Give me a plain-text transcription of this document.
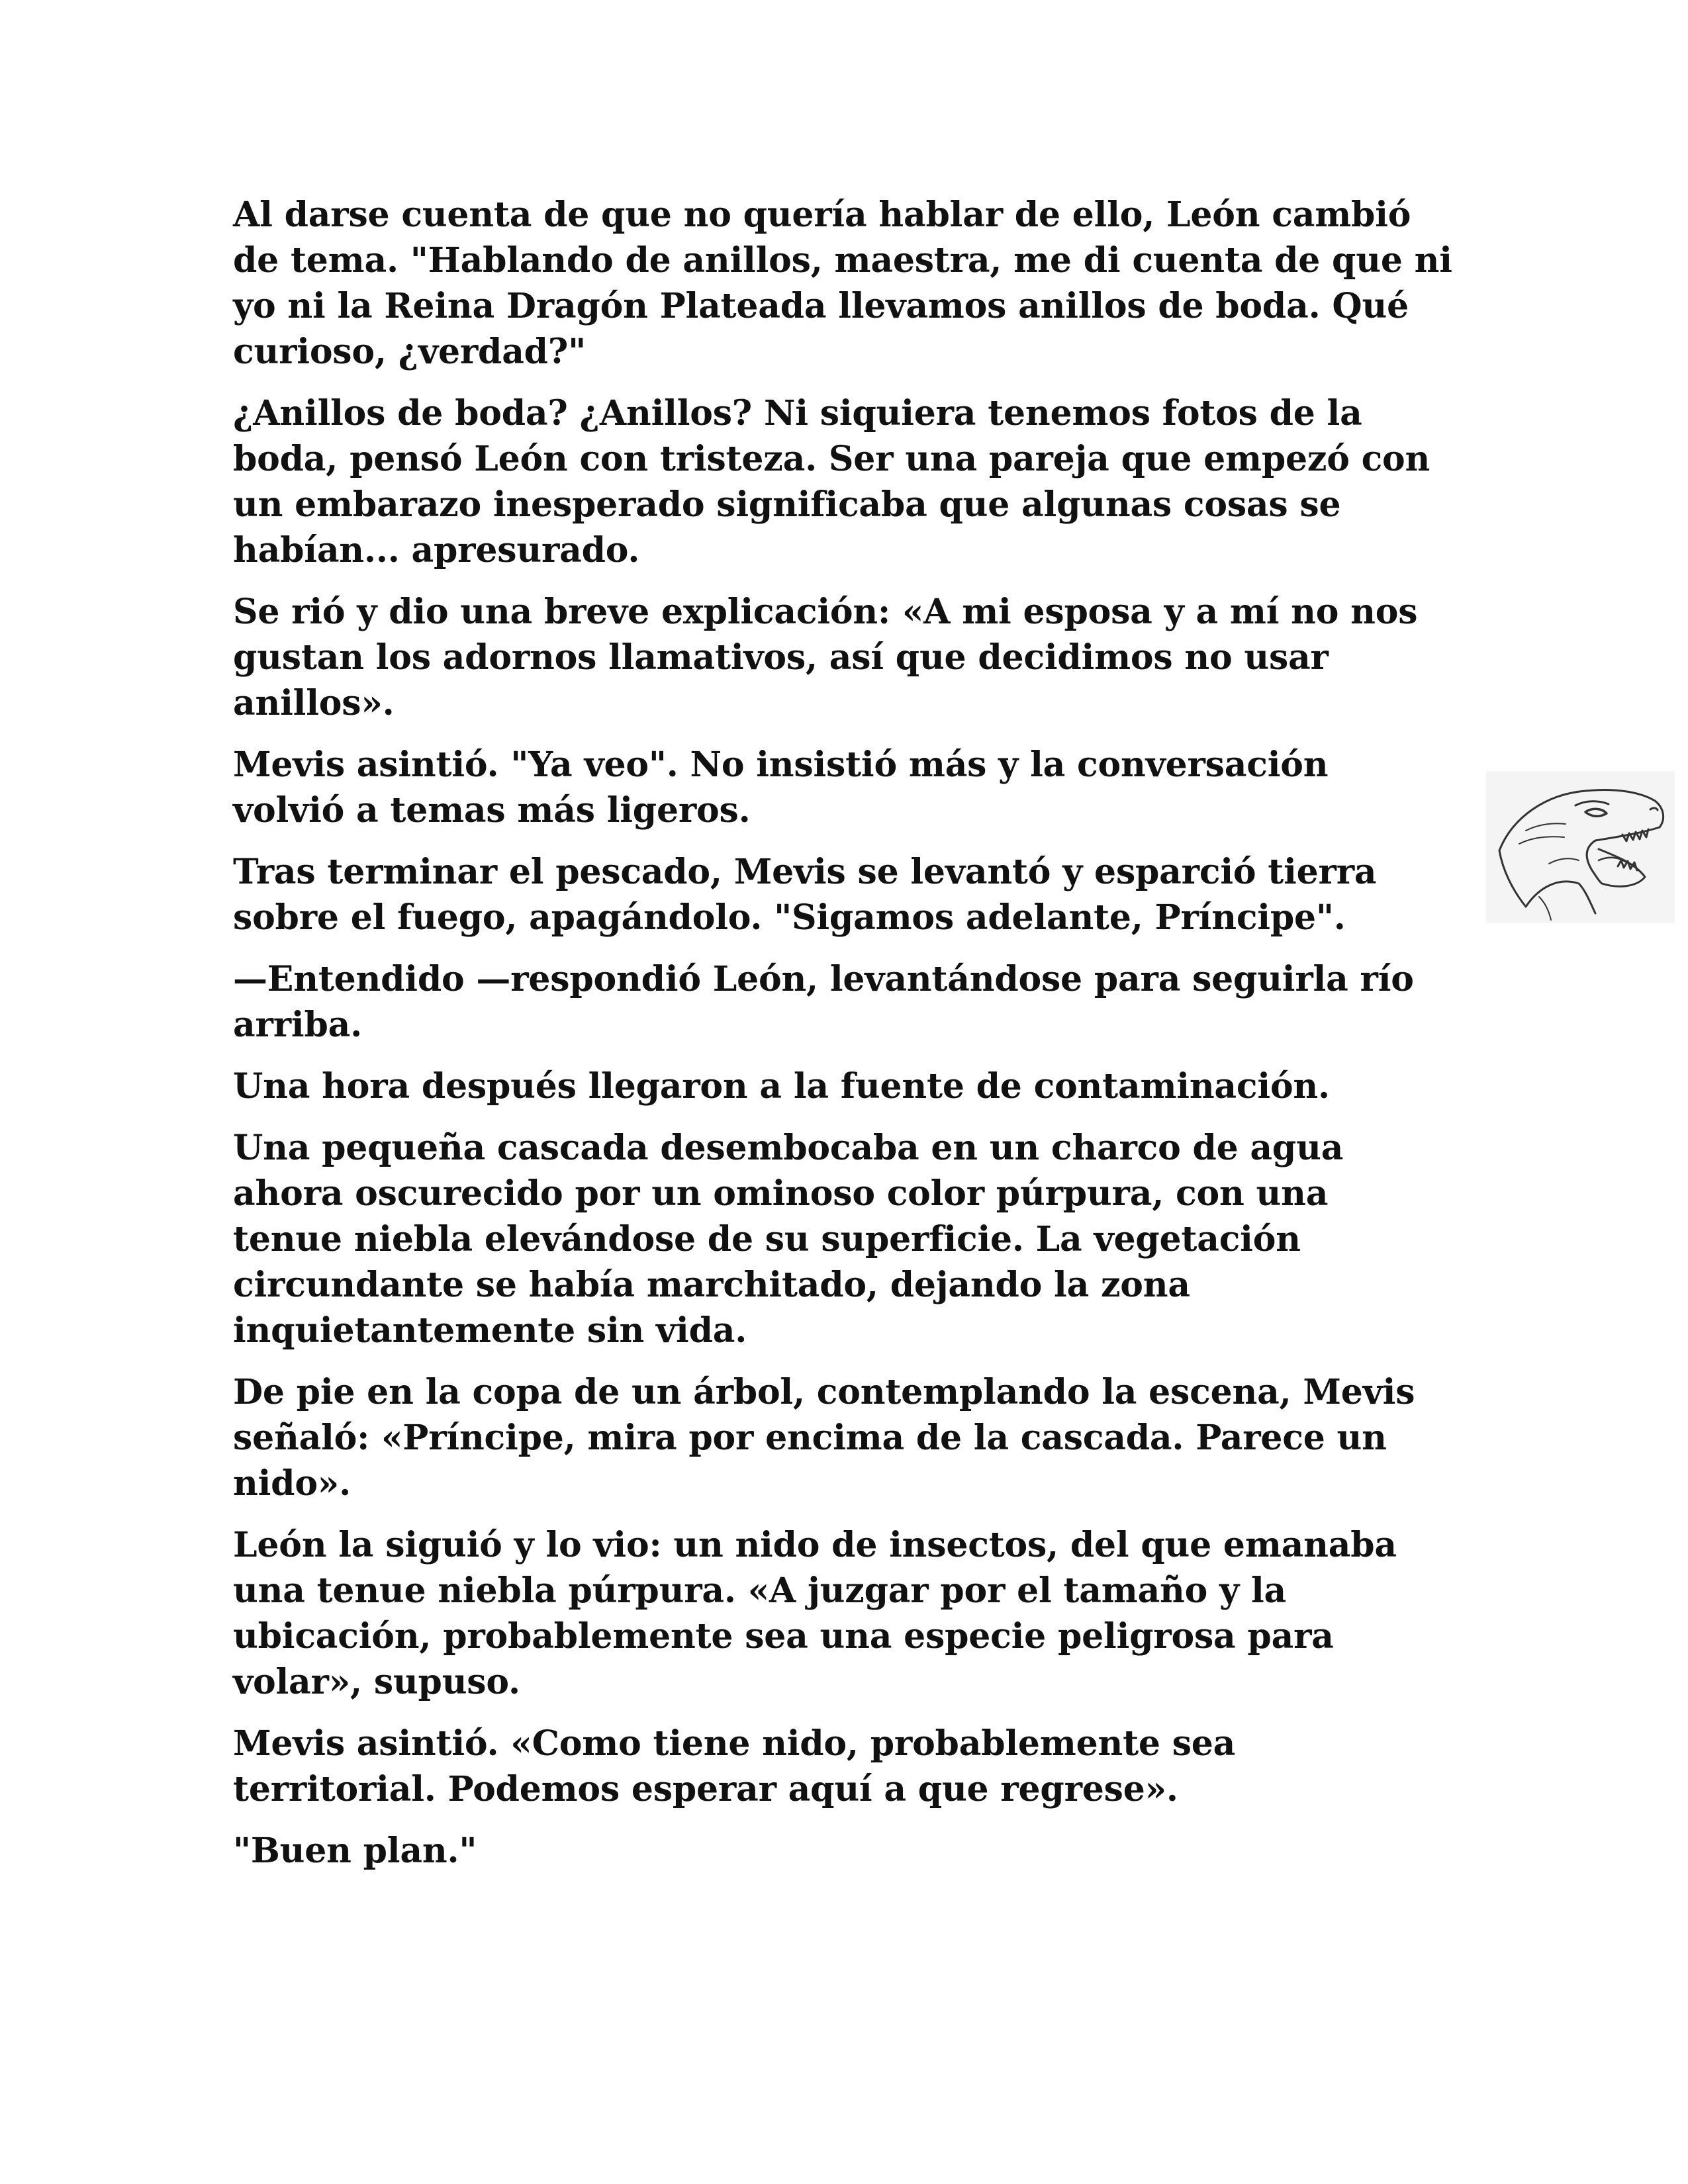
Al darse cuenta de que no quería hablar de ello, León cambió
de tema. "Hablando de anillos, maestra, me di cuenta de que ni
yo ni la Reina Dragón Plateada llevamos anillos de boda. Qué
curioso, ¿verdad?"

¿Anillos de boda? ¿Anillos? Ni siquiera tenemos fotos de la
boda, pensó León con tristeza. Ser una pareja que empezó con
un embarazo inesperado significaba que algunas cosas se
habían... apresurado.

Se rió y dio una breve explicación: «A mi esposa y a mí no nos
gustan los adornos llamativos, así que decidimos no usar
anillos».

Mevis asintió. "Ya veo". No insistió más y la conversación
volvió a temas más ligeros.

Tras terminar el pescado, Mevis se levantó y esparció tierra
sobre el fuego, apagándolo. "Sigamos adelante, Príncipe".

—Entendido —respondió León, levantándose para seguirla río
arriba.

Una hora después llegaron a la fuente de contaminación.

Una pequeña cascada desembocaba en un charco de agua
ahora oscurecido por un ominoso color púrpura, con una
tenue niebla elevándose de su superficie. La vegetación
circundante se había marchitado, dejando la zona
inquietantemente sin vida.

De pie en la copa de un árbol, contemplando la escena, Mevis
señaló: «Príncipe, mira por encima de la cascada. Parece un
nido».

León la siguió y lo vio: un nido de insectos, del que emanaba
una tenue niebla púrpura. «A juzgar por el tamaño y la
ubicación, probablemente sea una especie peligrosa para
volar», supuso.

Mevis asintió. «Como tiene nido, probablemente sea
territorial. Podemos esperar aquí a que regrese».

"Buen plan."
